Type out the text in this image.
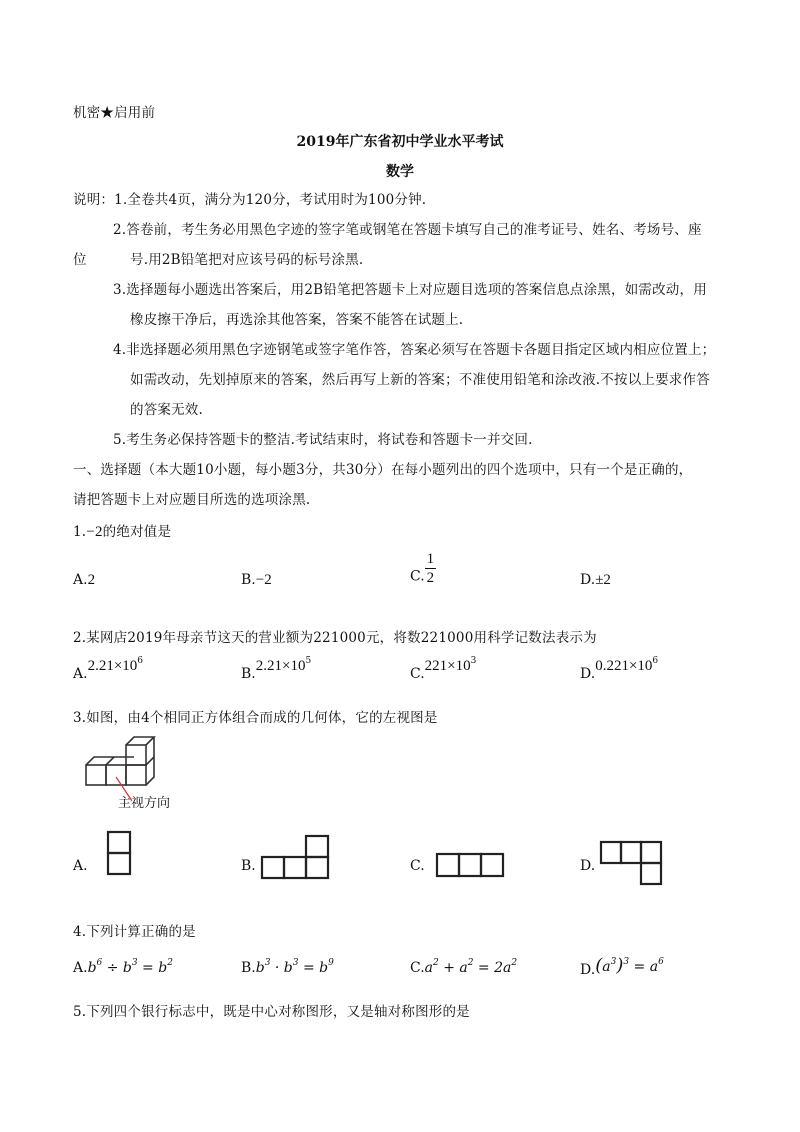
机密★启用前
2019年广东省初中学业水平考试
数学
说明：1.全卷共4页，满分为120分，考试用时为100分钟.
2.答卷前，考生务必用黑色字迹的签字笔或钢笔在答题卡填写自己的准考证号、姓名、考场号、座
位	号.用2B铅笔把对应该号码的标号涂黑.
3.选择题每小题选出答案后，用2B铅笔把答题卡上对应题目选项的答案信息点涂黑，如需改动，用
橡皮擦干净后，再选涂其他答案，答案不能答在试题上.
4.非选择题必须用黑色字迹钢笔或签字笔作答，答案必须写在答题卡各题目指定区域内相应位置上；
如需改动，先划掉原来的答案，然后再写上新的答案；不准使用铅笔和涂改液.不按以上要求作答
的答案无效.
5.考生务必保持答题卡的整洁.考试结束时，将试卷和答题卡一并交回.
一、选择题（本大题10小题，每小题3分，共30分）在每小题列出的四个选项中，只有一个是正确的，
请把答题卡上对应题目所选的选项涂黑.
1.−2的绝对值是
A.2	B.−2	C. $\frac{1}{2}$	D.±2
2.某网店2019年母亲节这天的营业额为221000元，将数221000用科学记数法表示为
$A.2.21\times 10^6$
$B.2.21\times 10^5$
$C.221\times 10^3$
$D.0.221\times 10^6$
3.如图，由4个相同正方体组合而成的几何体，它的左视图是
主视方向
A.	B.	C.	D.
4.下列计算正确的是
$A.b^6 \div b^3 = b^2$	$B.b^3 \cdot b^3 = b^9$	$C.a^2 + a^2 = 2a^2$	$D.(a^3)^3 = a^6$
5.下列四个银行标志中，既是中心对称图形，又是轴对称图形的是
